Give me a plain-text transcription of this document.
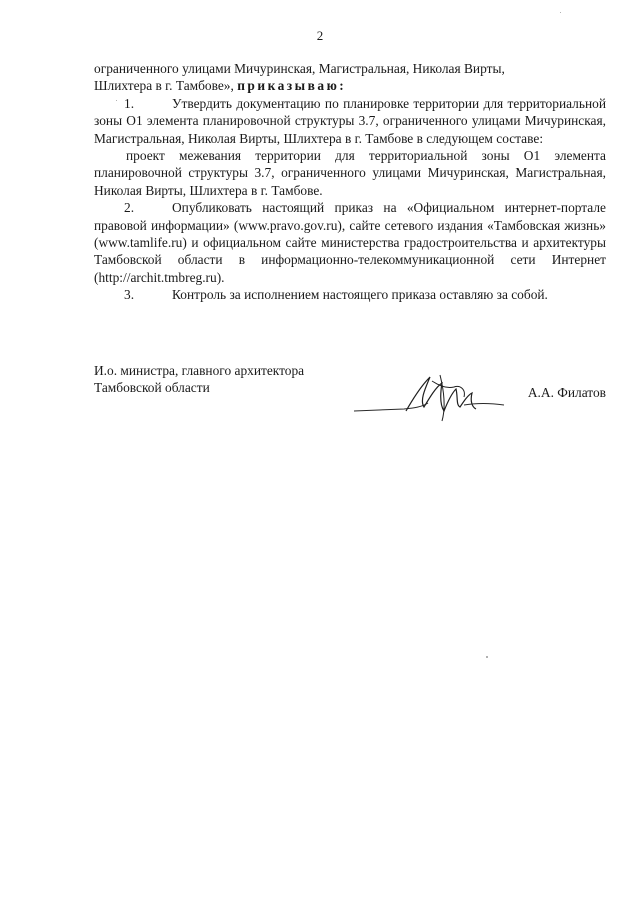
2

ограниченного улицами Мичуринская, Магистральная, Николая Вирты,

Шлихтера в г. Тамбове», приказываю:

1.	Утвердить документацию по планировке территории для территориальной зоны О1 элемента планировочной структуры 3.7, ограниченного улицами Мичуринская, Магистральная, Николая Вирты, Шлихтера в г. Тамбове в следующем составе:

проект межевания территории для территориальной зоны О1 элемента планировочной структуры 3.7, ограниченного улицами Мичуринская, Магистральная, Николая Вирты, Шлихтера в г. Тамбове.

2.	Опубликовать настоящий приказ на «Официальном интернет-портале правовой информации» (www.pravo.gov.ru), сайте сетевого издания «Тамбовская жизнь» (www.tamlife.ru) и официальном сайте министерства градостроительства и архитектуры Тамбовской области в информационно-телекоммуникационной сети Интернет (http://archit.tmbreg.ru).

3.	Контроль за исполнением настоящего приказа оставляю за собой.

И.о. министра, главного архитектора
Тамбовской области	А.А. Филатов
